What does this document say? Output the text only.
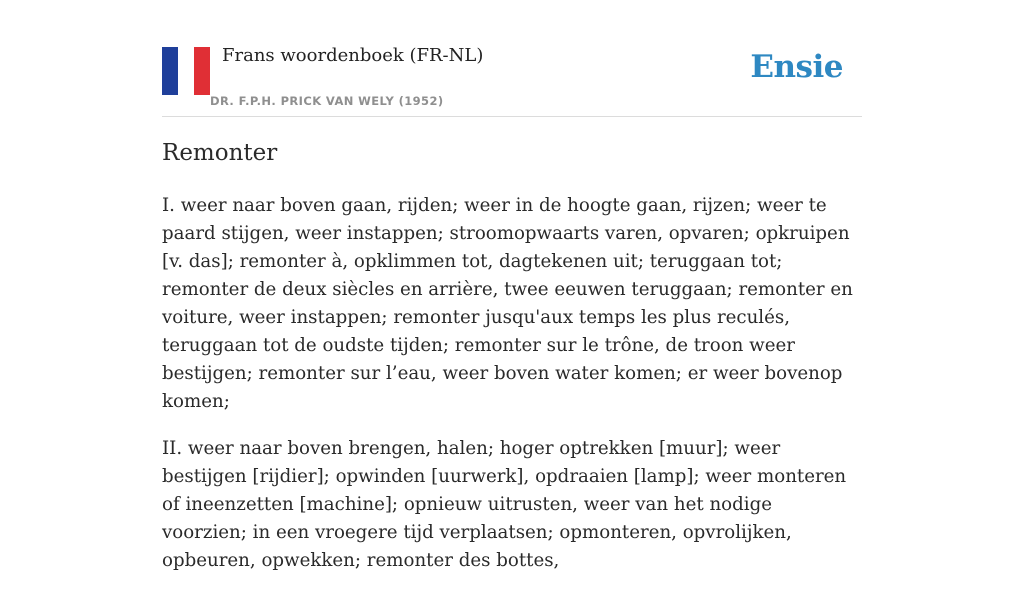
Frans woordenboek (FR-NL)
DR. F.P.H. PRICK VAN WELY (1952)
Ensie
Remonter

I. weer naar boven gaan, rijden; weer in de hoogte gaan, rijzen; weer te paard stijgen, weer instappen; stroomopwaarts varen, opvaren; opkruipen [v. das]; remonter à, opklimmen tot, dagtekenen uit; teruggaan tot; remonter de deux siècles en arrière, twee eeuwen teruggaan; remonter en voiture, weer instappen; remonter jusqu'aux temps les plus reculés, teruggaan tot de oudste tijden; remonter sur le trône, de troon weer bestijgen; remonter sur l’eau, weer boven water komen; er weer bovenop komen;

II. weer naar boven brengen, halen; hoger optrekken [muur]; weer bestijgen [rijdier]; opwinden [uurwerk], opdraaien [lamp]; weer monteren of ineenzetten [machine]; opnieuw uitrusten, weer van het nodige voorzien; in een vroegere tijd verplaatsen; opmonteren, opvrolijken, opbeuren, opwekken; remonter des bottes,
